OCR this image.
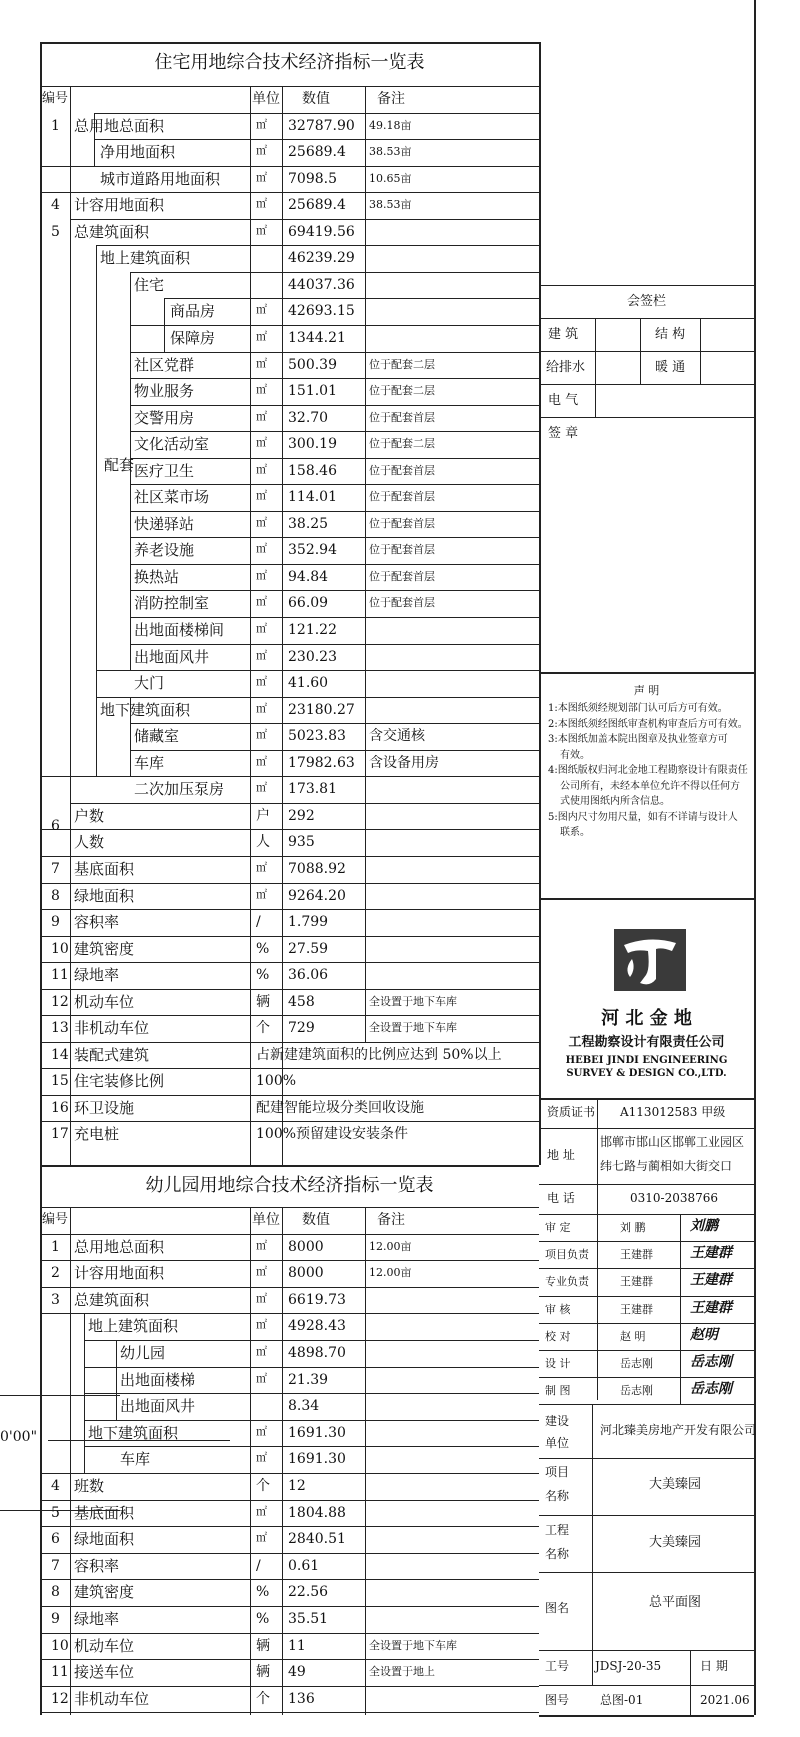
住宅用地综合技术经济指标一览表
编号	单位 数值	备注
1 总用地总面积	㎡ 32787.90 49.18亩
净用地面积	㎡ 25689.4 38.53亩
城市道路用地面积	㎡ 7098.5	10.65亩
4 计容用地面积	㎡ 25689.4 38.53亩
5 总建筑面积	㎡ 69419.56
地上建筑面积	46239.29
住宅	44037.36
商品房	㎡ 42693.15
保障房	㎡ 1344.21
社区党群	㎡ 500.39	位于配套二层
物业服务	㎡ 151.01	位于配套二层
交警用房	㎡ 32.70	位于配套首层
文化活动室	㎡ 300.19	位于配套二层
医疗卫生	㎡ 158.46	位于配套首层
社区菜市场	㎡ 114.01	位于配套首层
快递驿站	㎡ 38.25	位于配套首层
养老设施	㎡ 352.94	位于配套首层
换热站	㎡ 94.84	位于配套首层
消防控制室	㎡ 66.09	位于配套首层
出地面楼梯间	㎡ 121.22
出地面风井	㎡ 230.23
大门	㎡ 41.60
地下建筑面积	㎡ 23180.27
储藏室	㎡ 5023.83 含交通核
车库	㎡ 17982.63 含设备用房
二次加压泵房	㎡ 173.81
户数	户 292
人数	人 935
7 基底面积	㎡ 7088.92
8 绿地面积	㎡ 9264.20
9 容积率	/ 1.799
10 建筑密度	% 27.59
11 绿地率	% 36.06
12 机动车位	辆 458	全设置于地下车库
13 非机动车位	个 729	全设置于地下车库
14 装配式建筑	占新建建筑面积的比例应达到 50%以上
15 住宅装修比例	100%
16 环卫设施	配建智能垃圾分类回收设施
17 充电桩	100%预留建设安装条件
6
配套
幼儿园用地综合技术经济指标一览表
编号	单位 数值	备注
1 总用地总面积	㎡ 8000	12.00亩
2 计容用地面积	㎡ 8000	12.00亩
3 总建筑面积	㎡ 6619.73
地上建筑面积	㎡ 4928.43
幼儿园	㎡ 4898.70
出地面楼梯	㎡ 21.39
出地面风井	8.34
地下建筑面积	㎡ 1691.30
车库	㎡ 1691.30
4 班数	个 12
5 基底面积	㎡ 1804.88
6 绿地面积	㎡ 2840.51
7 容积率	/ 0.61
8 建筑密度	% 22.56
9 绿地率	% 35.51
10 机动车位	辆 11	全设置于地下车库
11 接送车位	辆 49	全设置于地上
12 非机动车位	个 136
0'00"
会签栏
建 筑	结 构
给排水	暖 通
电 气
签 章
声 明
1:本图纸须经规划部门认可后方可有效。
2:本图纸须经图纸审查机构审查后方可有效。
3:本图纸加盖本院出图章及执业签章方可
有效。
4:图纸版权归河北金地工程勘察设计有限责任
公司所有，未经本单位允许不得以任何方
式使用图纸内所含信息。
5:图内尺寸勿用尺量，如有不详请与设计人
联系。
河 北 金 地
工程勘察设计有限责任公司
HEBEI JINDI ENGINEERING
SURVEY & DESIGN CO.,LTD.
资质证书 A113012583 甲级
地 址
邯郸市邯山区邯郸工业园区
纬七路与蔺相如大街交口
电 话	0310-2038766
审 定	刘 鹏	刘鹏
项目负责	王建群	王建群
专业负责	王建群	王建群
审 核	王建群	王建群
校 对	赵 明	赵明
设 计	岳志刚	岳志刚
制 图	岳志刚	岳志刚
建设
单位
河北臻美房地产开发有限公司
项目
名称
大美臻园
工程
名称
大美臻园
图名	总平面图
工号 JDSJ-20-35	日 期
图号	总图-01	2021.06
